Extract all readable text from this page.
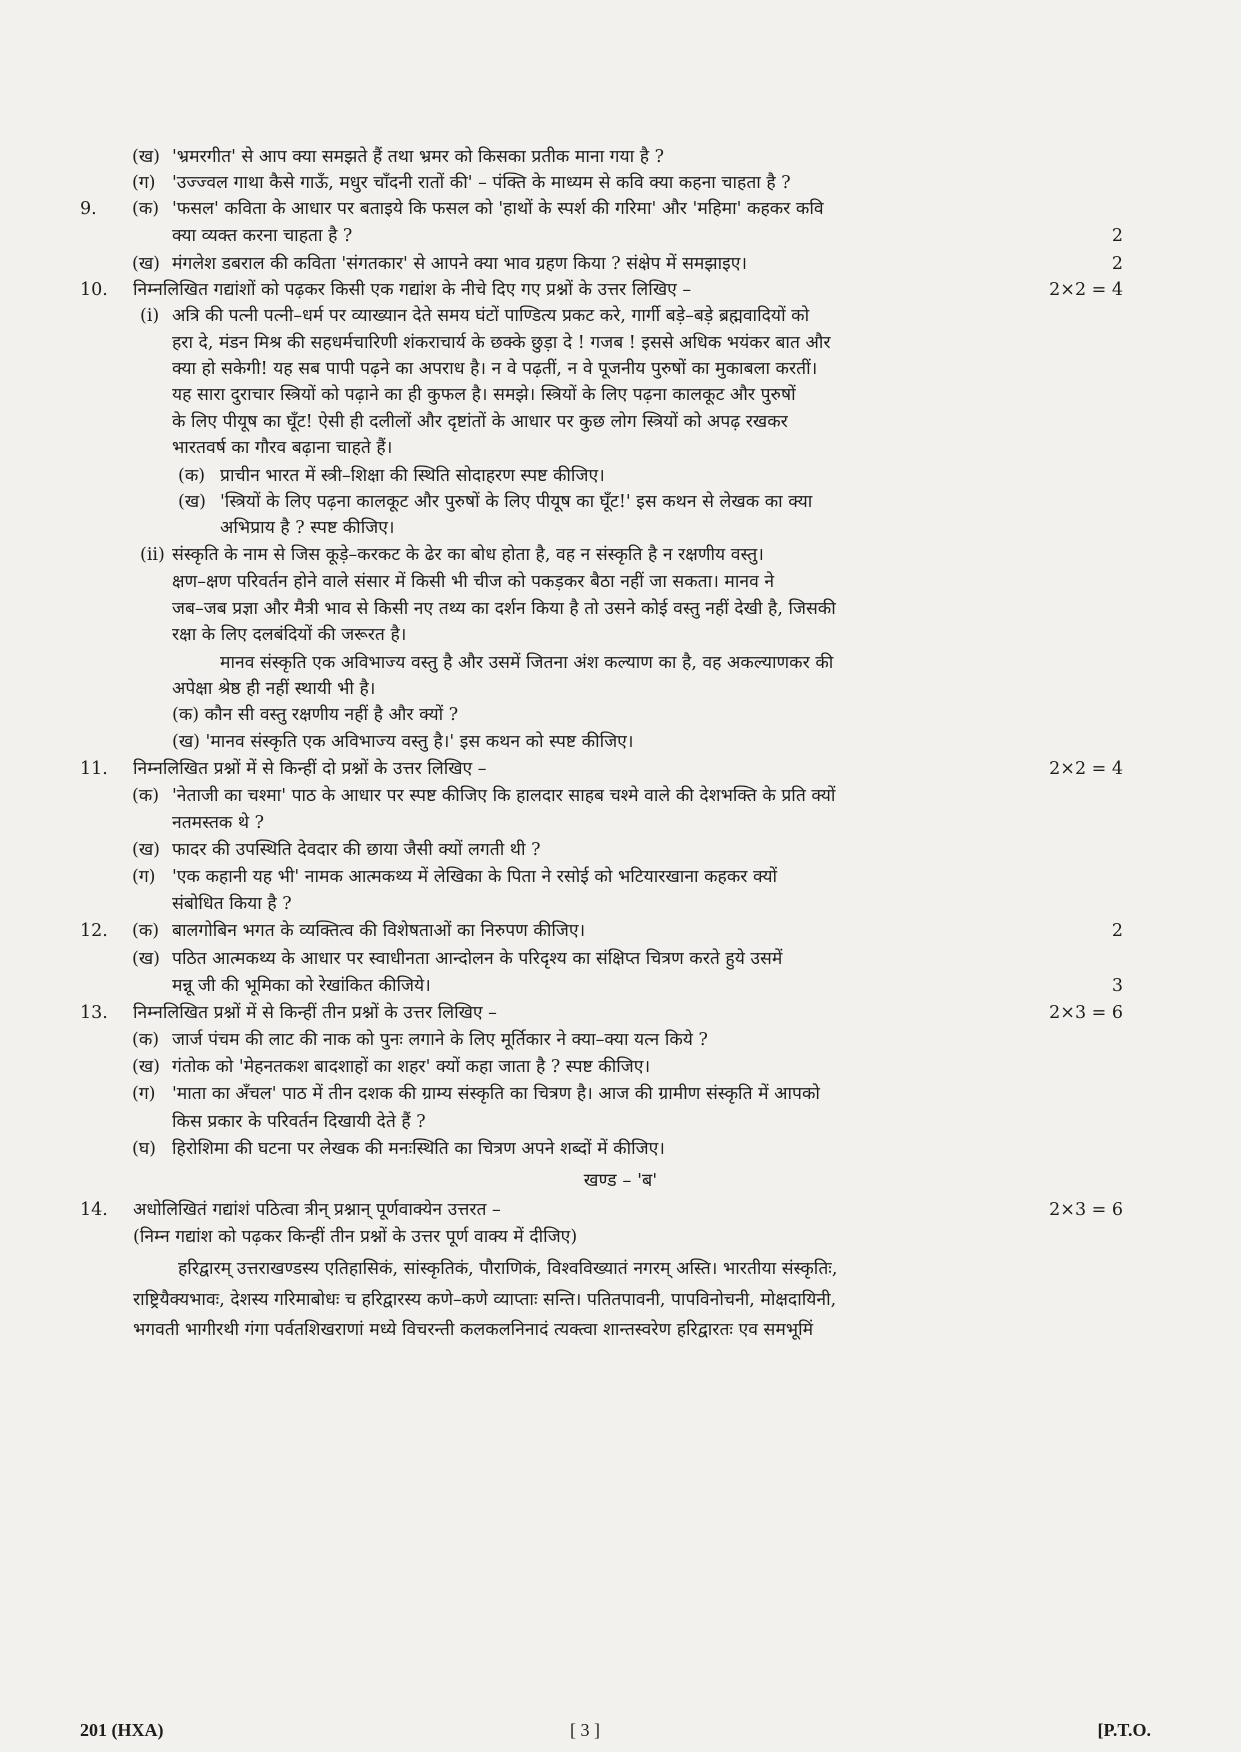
(ख) 'भ्रमरगीत' से आप क्या समझते हैं तथा भ्रमर को किसका प्रतीक माना गया है ?
(ग) 'उज्ज्वल गाथा कैसे गाऊँ, मधुर चाँदनी रातों की' – पंक्ति के माध्यम से कवि क्या कहना चाहता है ?
9. (क) 'फसल' कविता के आधार पर बताइये कि फसल को 'हाथों के स्पर्श की गरिमा' और 'महिमा' कहकर कवि
क्या व्यक्त करना चाहता है ?	2
(ख) मंगलेश डबराल की कविता 'संगतकार' से आपने क्या भाव ग्रहण किया ? संक्षेप में समझाइए।	2
10. निम्नलिखित गद्यांशों को पढ़कर किसी एक गद्यांश के नीचे दिए गए प्रश्नों के उत्तर लिखिए –	2×2 = 4
(i) अत्रि की पत्नी पत्नी–धर्म पर व्याख्यान देते समय घंटों पाण्डित्य प्रकट करे, गार्गी बड़े–बड़े ब्रह्मवादियों को
हरा दे, मंडन मिश्र की सहधर्मचारिणी शंकराचार्य के छक्के छुड़ा दे ! गजब ! इससे अधिक भयंकर बात और
क्या हो सकेगी! यह सब पापी पढ़ने का अपराध है। न वे पढ़तीं, न वे पूजनीय पुरुषों का मुकाबला करतीं।
यह सारा दुराचार स्त्रियों को पढ़ाने का ही कुफल है। समझे। स्त्रियों के लिए पढ़ना कालकूट और पुरुषों
के लिए पीयूष का घूँट! ऐसी ही दलीलों और दृष्टांतों के आधार पर कुछ लोग स्त्रियों को अपढ़ रखकर
भारतवर्ष का गौरव बढ़ाना चाहते हैं।
(क) प्राचीन भारत में स्त्री–शिक्षा की स्थिति सोदाहरण स्पष्ट कीजिए।
(ख) 'स्त्रियों के लिए पढ़ना कालकूट और पुरुषों के लिए पीयूष का घूँट!' इस कथन से लेखक का क्या
अभिप्राय है ? स्पष्ट कीजिए।
(ii) संस्कृति के नाम से जिस कूड़े–करकट के ढेर का बोध होता है, वह न संस्कृति है न रक्षणीय वस्तु।
क्षण–क्षण परिवर्तन होने वाले संसार में किसी भी चीज को पकड़कर बैठा नहीं जा सकता। मानव ने
जब–जब प्रज्ञा और मैत्री भाव से किसी नए तथ्य का दर्शन किया है तो उसने कोई वस्तु नहीं देखी है, जिसकी
रक्षा के लिए दलबंदियों की जरूरत है।
मानव संस्कृति एक अविभाज्य वस्तु है और उसमें जितना अंश कल्याण का है, वह अकल्याणकर की
अपेक्षा श्रेष्ठ ही नहीं स्थायी भी है।
(क) कौन सी वस्तु रक्षणीय नहीं है और क्यों ?
(ख) 'मानव संस्कृति एक अविभाज्य वस्तु है।' इस कथन को स्पष्ट कीजिए।
11. निम्नलिखित प्रश्नों में से किन्हीं दो प्रश्नों के उत्तर लिखिए –	2×2 = 4
(क) 'नेताजी का चश्मा' पाठ के आधार पर स्पष्ट कीजिए कि हालदार साहब चश्मे वाले की देशभक्ति के प्रति क्यों
नतमस्तक थे ?
(ख) फादर की उपस्थिति देवदार की छाया जैसी क्यों लगती थी ?
(ग) 'एक कहानी यह भी' नामक आत्मकथ्य में लेखिका के पिता ने रसोई को भटियारखाना कहकर क्यों
संबोधित किया है ?
12. (क) बालगोबिन भगत के व्यक्तित्व की विशेषताओं का निरुपण कीजिए।	2
(ख) पठित आत्मकथ्य के आधार पर स्वाधीनता आन्दोलन के परिदृश्य का संक्षिप्त चित्रण करते हुये उसमें
मन्नू जी की भूमिका को रेखांकित कीजिये।	3
13. निम्नलिखित प्रश्नों में से किन्हीं तीन प्रश्नों के उत्तर लिखिए –	2×3 = 6
(क) जार्ज पंचम की लाट की नाक को पुनः लगाने के लिए मूर्तिकार ने क्या–क्या यत्न किये ?
(ख) गंतोक को 'मेहनतकश बादशाहों का शहर' क्यों कहा जाता है ? स्पष्ट कीजिए।
(ग) 'माता का अँचल' पाठ में तीन दशक की ग्राम्य संस्कृति का चित्रण है। आज की ग्रामीण संस्कृति में आपको
किस प्रकार के परिवर्तन दिखायी देते हैं ?
(घ) हिरोशिमा की घटना पर लेखक की मनःस्थिति का चित्रण अपने शब्दों में कीजिए।
खण्ड – 'ब'
14. अधोलिखितं गद्यांशं पठित्वा त्रीन् प्रश्नान् पूर्णवाक्येन उत्तरत –	2×3 = 6
(निम्न गद्यांश को पढ़कर किन्हीं तीन प्रश्नों के उत्तर पूर्ण वाक्य में दीजिए)
हरिद्वारम् उत्तराखण्डस्य एतिहासिकं, सांस्कृतिकं, पौराणिकं, विश्वविख्यातं नगरम् अस्ति। भारतीया संस्कृतिः,
राष्ट्रियैक्यभावः, देशस्य गरिमाबोधः च हरिद्वारस्य कणे–कणे व्याप्ताः सन्ति। पतितपावनी, पापविनोचनी, मोक्षदायिनी,
भगवती भागीरथी गंगा पर्वतशिखराणां मध्ये विचरन्ती कलकलनिनादं त्यक्त्वा शान्तस्वरेण हरिद्वारतः एव समभूमिं
201 (HXA)	[ 3 ]	[P.T.O.
